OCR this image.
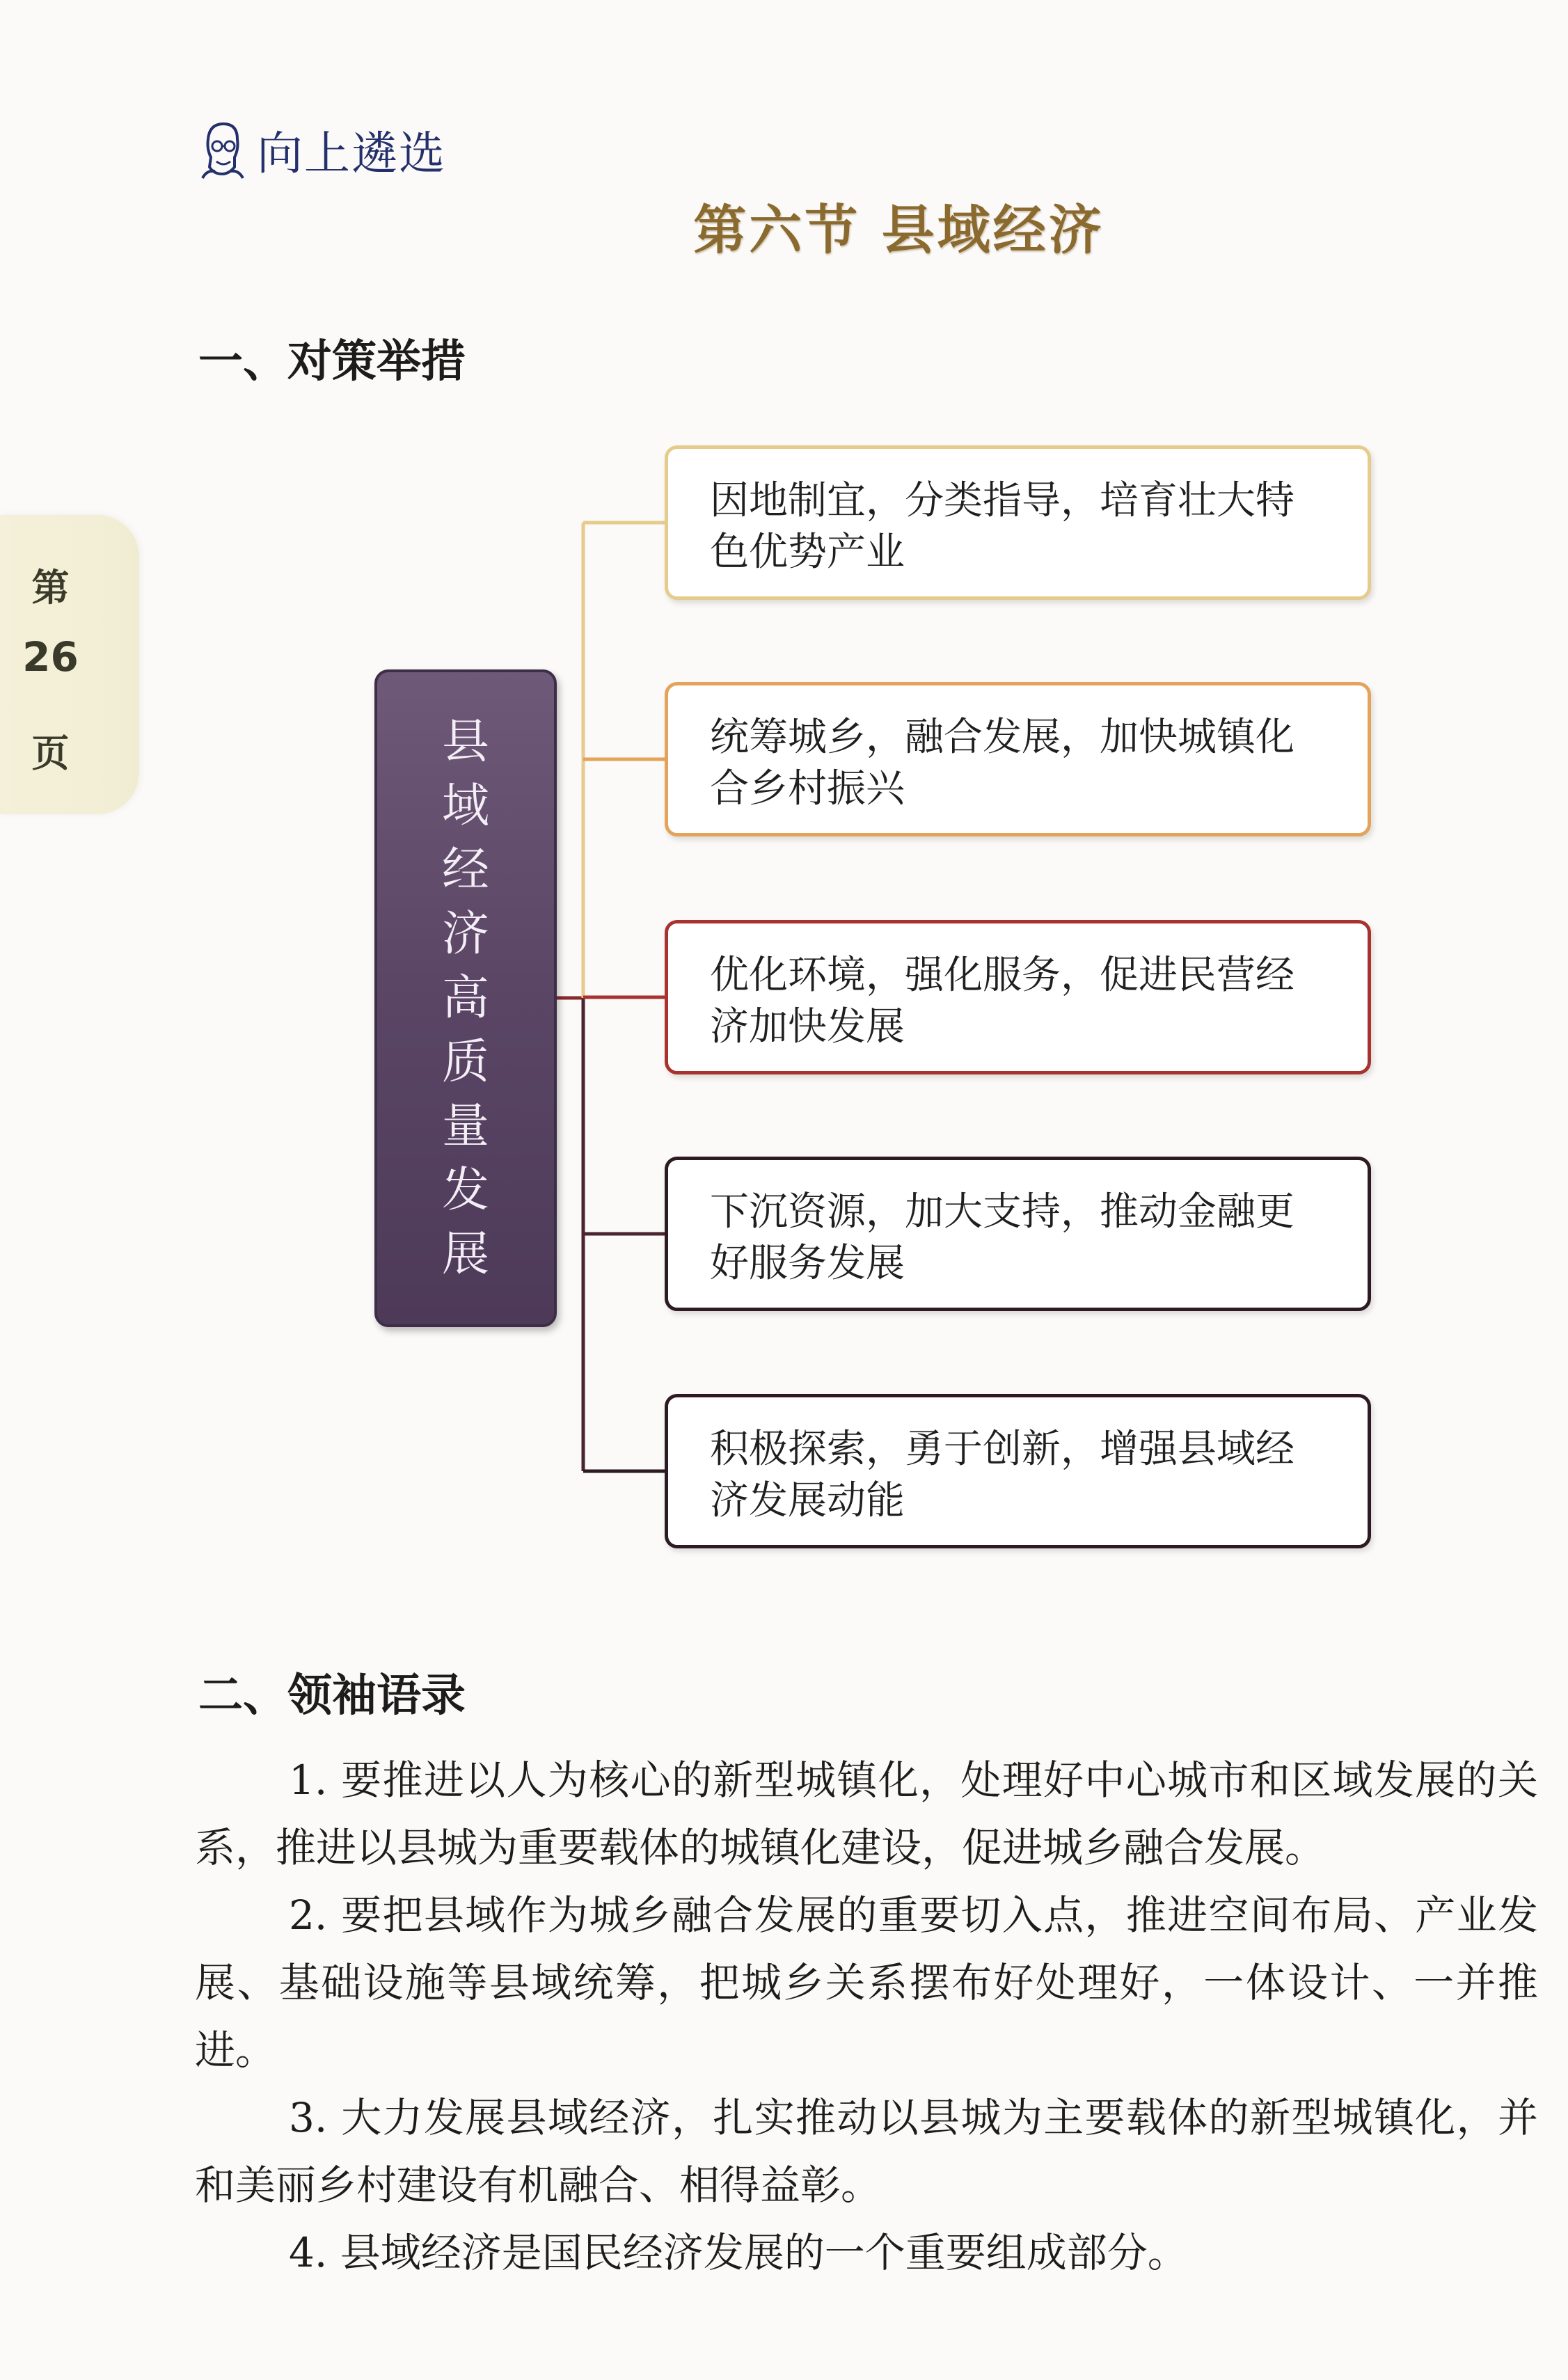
向上遴选
第六节 县域经济
第
26
页
一、对策举措
县域经济高质量发展
因地制宜，分类指导，培育壮大特色优势产业
统筹城乡，融合发展，加快城镇化合乡村振兴
优化环境，强化服务，促进民营经济加快发展
下沉资源，加大支持，推动金融更好服务发展
积极探索，勇于创新，增强县域经济发展动能
二、领袖语录

1. 要推进以人为核心的新型城镇化，处理好中心城市和区域发展的关系，推进以县城为重要载体的城镇化建设，促进城乡融合发展。

2. 要把县域作为城乡融合发展的重要切入点，推进空间布局、产业发展、基础设施等县域统筹，把城乡关系摆布好处理好，一体设计、一并推进。

3. 大力发展县域经济，扎实推动以县城为主要载体的新型城镇化，并和美丽乡村建设有机融合、相得益彰。

4. 县域经济是国民经济发展的一个重要组成部分。
